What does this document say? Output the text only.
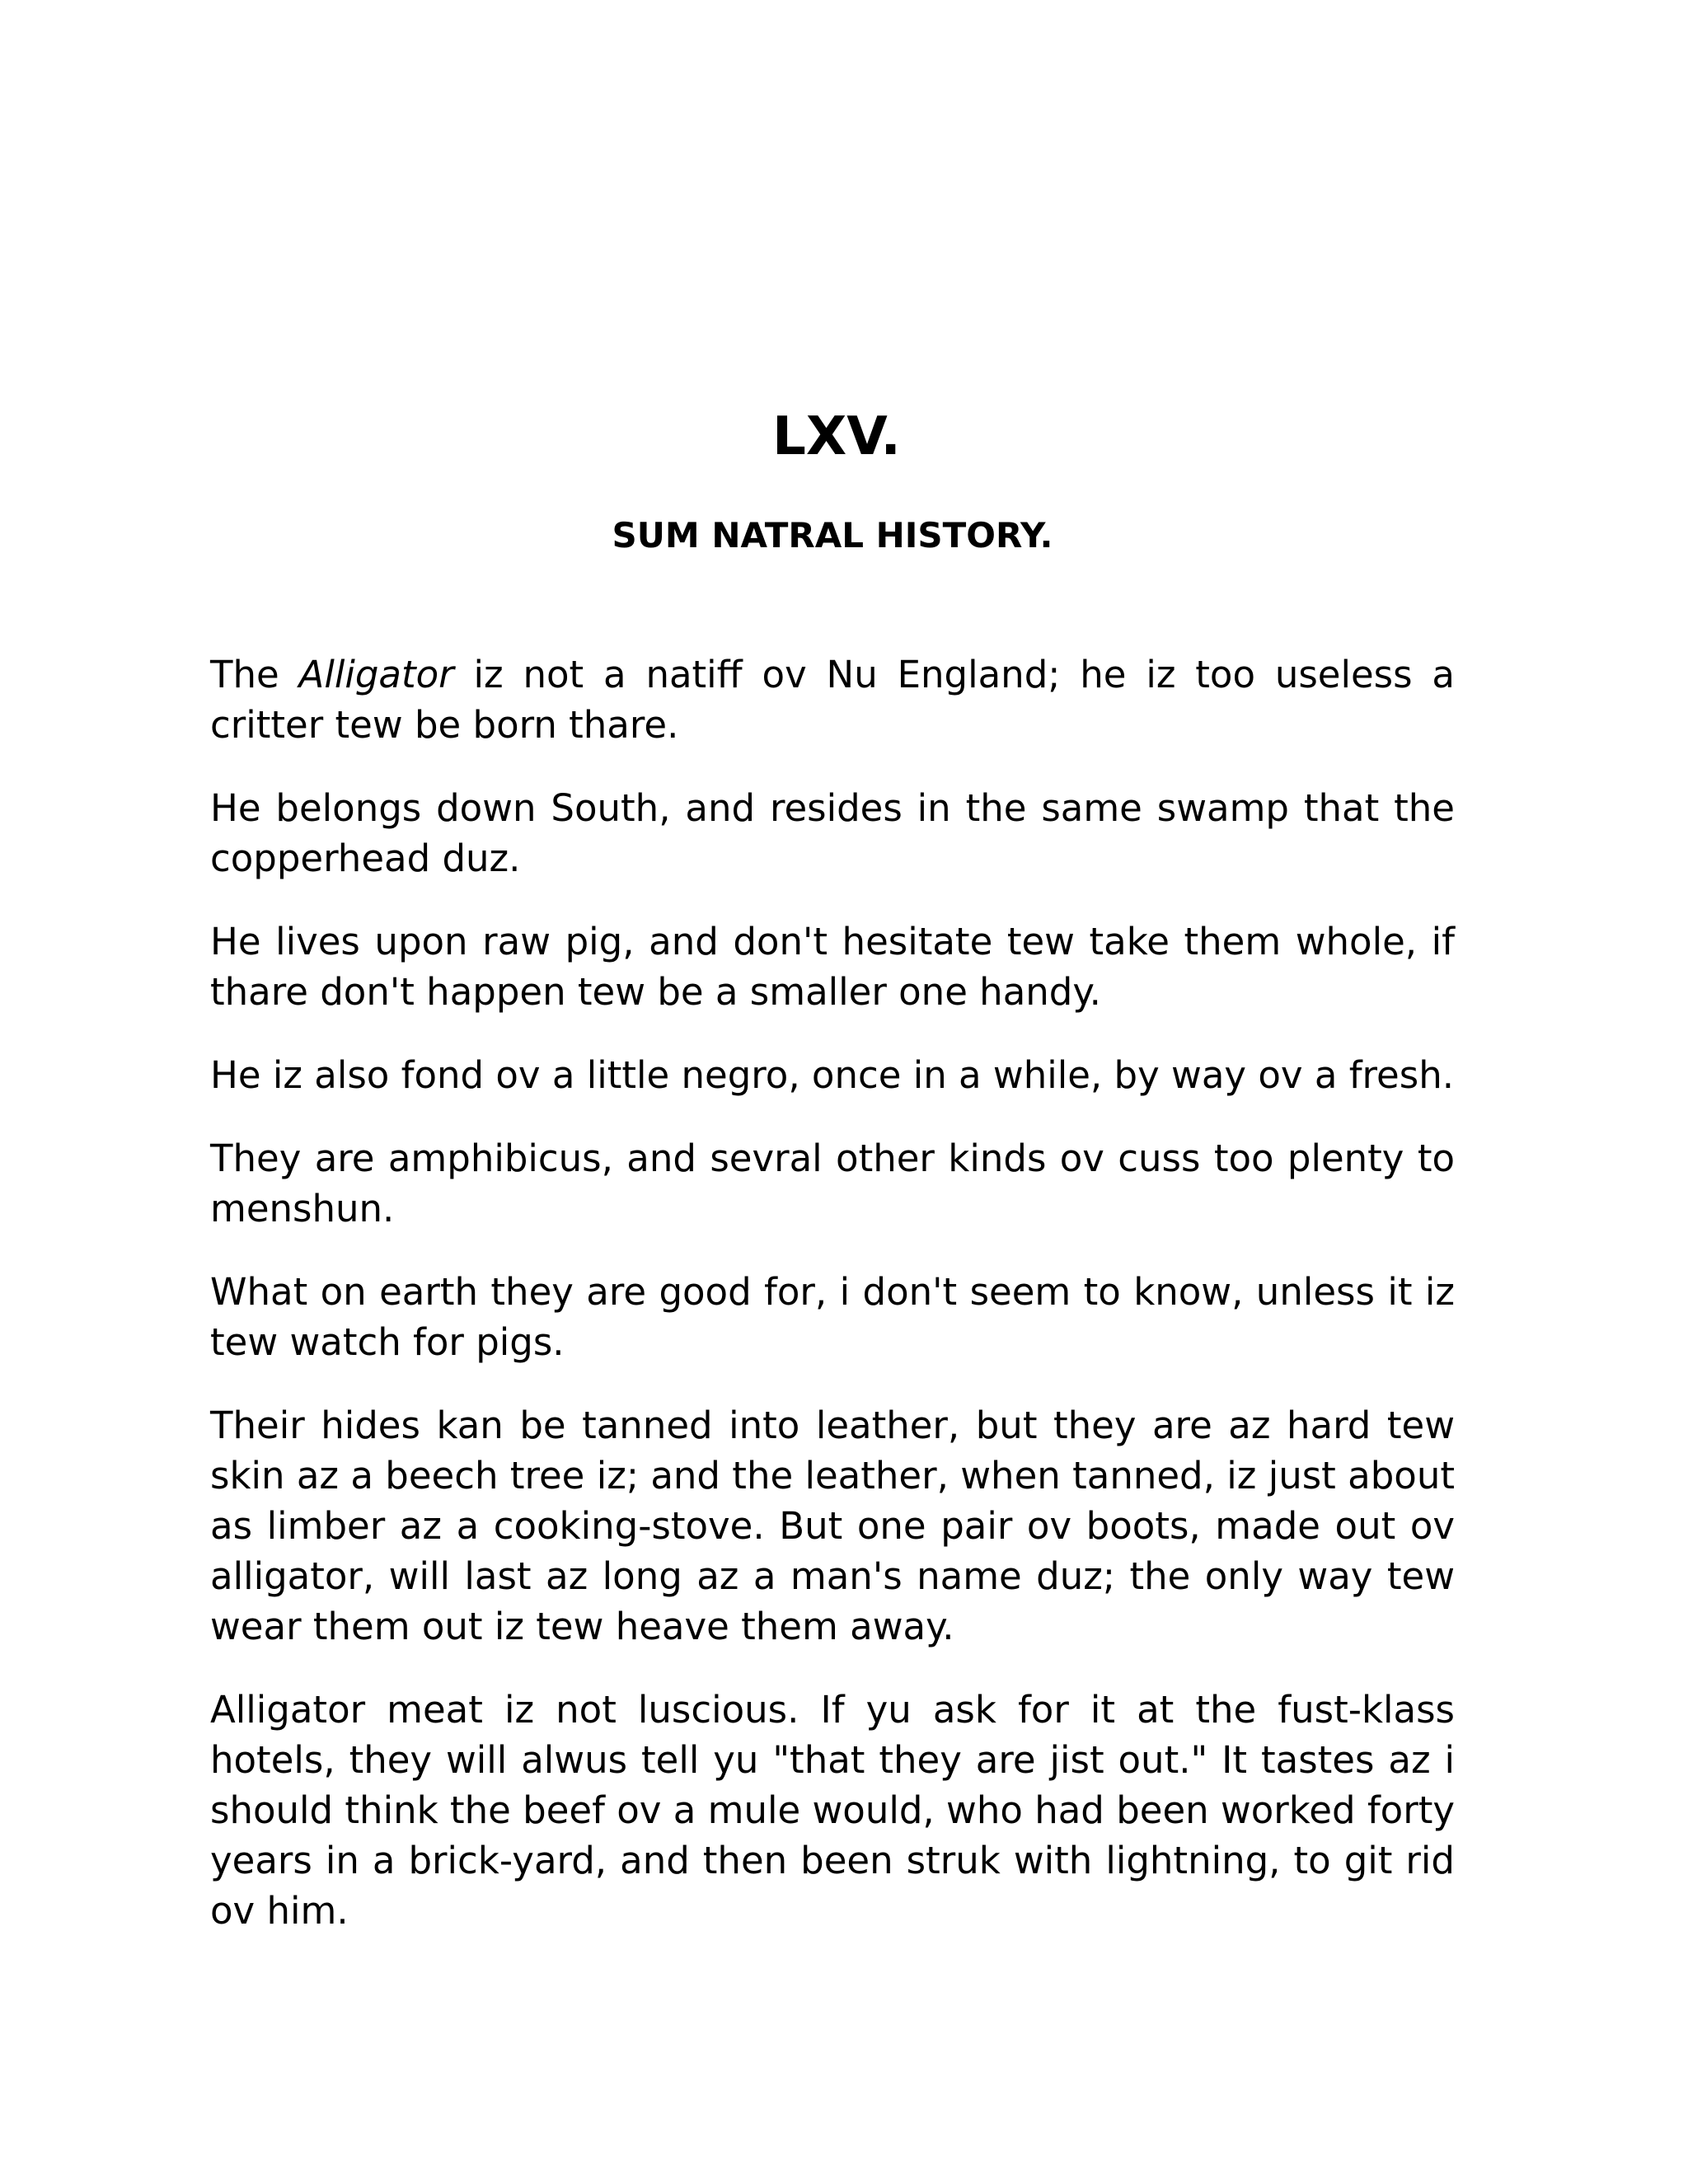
LXV.
SUM NATRAL HISTORY.

The Alligator iz not a natiff ov Nu England; he iz too useless a critter tew be born thare.

He belongs down South, and resides in the same swamp that the copperhead duz.

He lives upon raw pig, and don't hesitate tew take them whole, if thare don't happen tew be a smaller one handy.

He iz also fond ov a little negro, once in a while, by way ov a fresh.

They are amphibicus, and sevral other kinds ov cuss too plenty to menshun.

What on earth they are good for, i don't seem to know, unless it iz tew watch for pigs.

Their hides kan be tanned into leather, but they are az hard tew skin az a beech tree iz; and the leather, when tanned, iz just about as limber az a cooking-stove. But one pair ov boots, made out ov alligator, will last az long az a man's name duz; the only way tew wear them out iz tew heave them away.

Alligator meat iz not luscious. If yu ask for it at the fust-klass hotels, they will alwus tell yu "that they are jist out." It tastes az i should think the beef ov a mule would, who had been worked forty years in a brick-yard, and then been struk with lightning, to git rid ov him.
